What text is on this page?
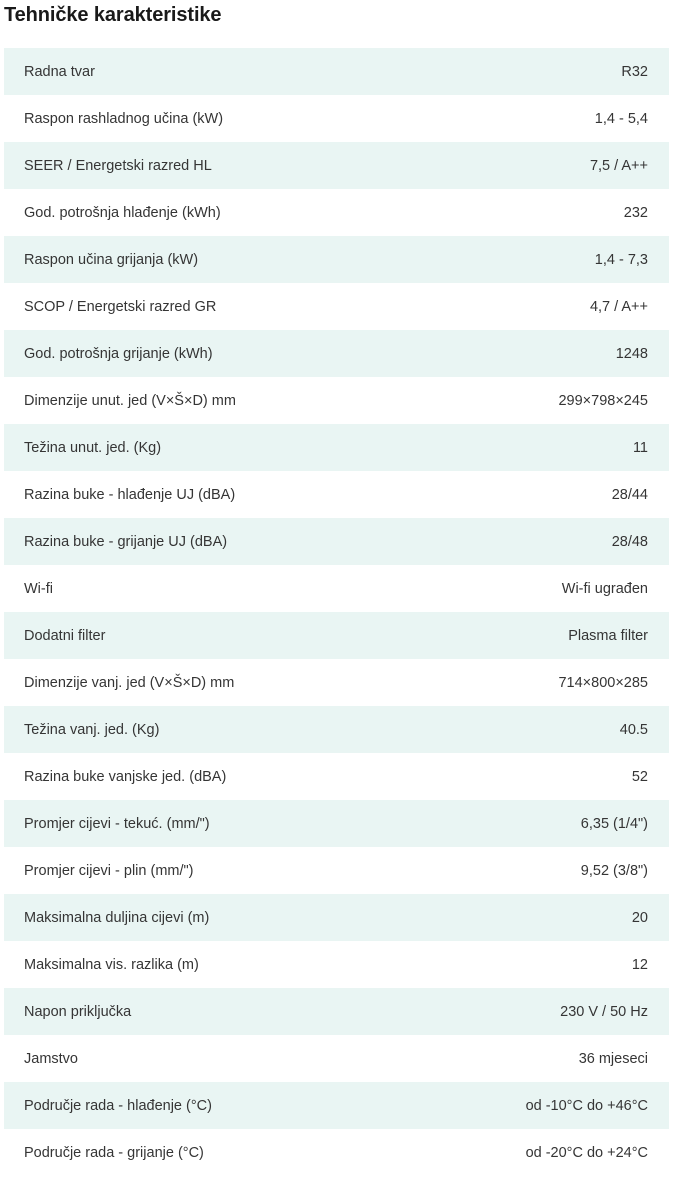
Tehničke karakteristike
Radna tvar	R32
Raspon rashladnog učina (kW)	1,4 - 5,4
SEER / Energetski razred HL	7,5 / A++
God. potrošnja hlađenje (kWh)	232
Raspon učina grijanja (kW)	1,4 - 7,3
SCOP / Energetski razred GR	4,7 / A++
God. potrošnja grijanje (kWh)	1248
Dimenzije unut. jed (V×Š×D) mm	299×798×245
Težina unut. jed. (Kg)	11
Razina buke - hlađenje UJ (dBA)	28/44
Razina buke - grijanje UJ (dBA)	28/48
Wi-fi	Wi-fi ugrađen
Dodatni filter	Plasma filter
Dimenzije vanj. jed (V×Š×D) mm	714×800×285
Težina vanj. jed. (Kg)	40.5
Razina buke vanjske jed. (dBA)	52
Promjer cijevi - tekuć. (mm/")	6,35 (1/4")
Promjer cijevi - plin (mm/")	9,52 (3/8")
Maksimalna duljina cijevi (m)	20
Maksimalna vis. razlika (m)	12
Napon priključka	230 V / 50 Hz
Jamstvo	36 mjeseci
Područje rada - hlađenje (°C)	od -10°C do +46°C
Područje rada - grijanje (°C)	od -20°C do +24°C
